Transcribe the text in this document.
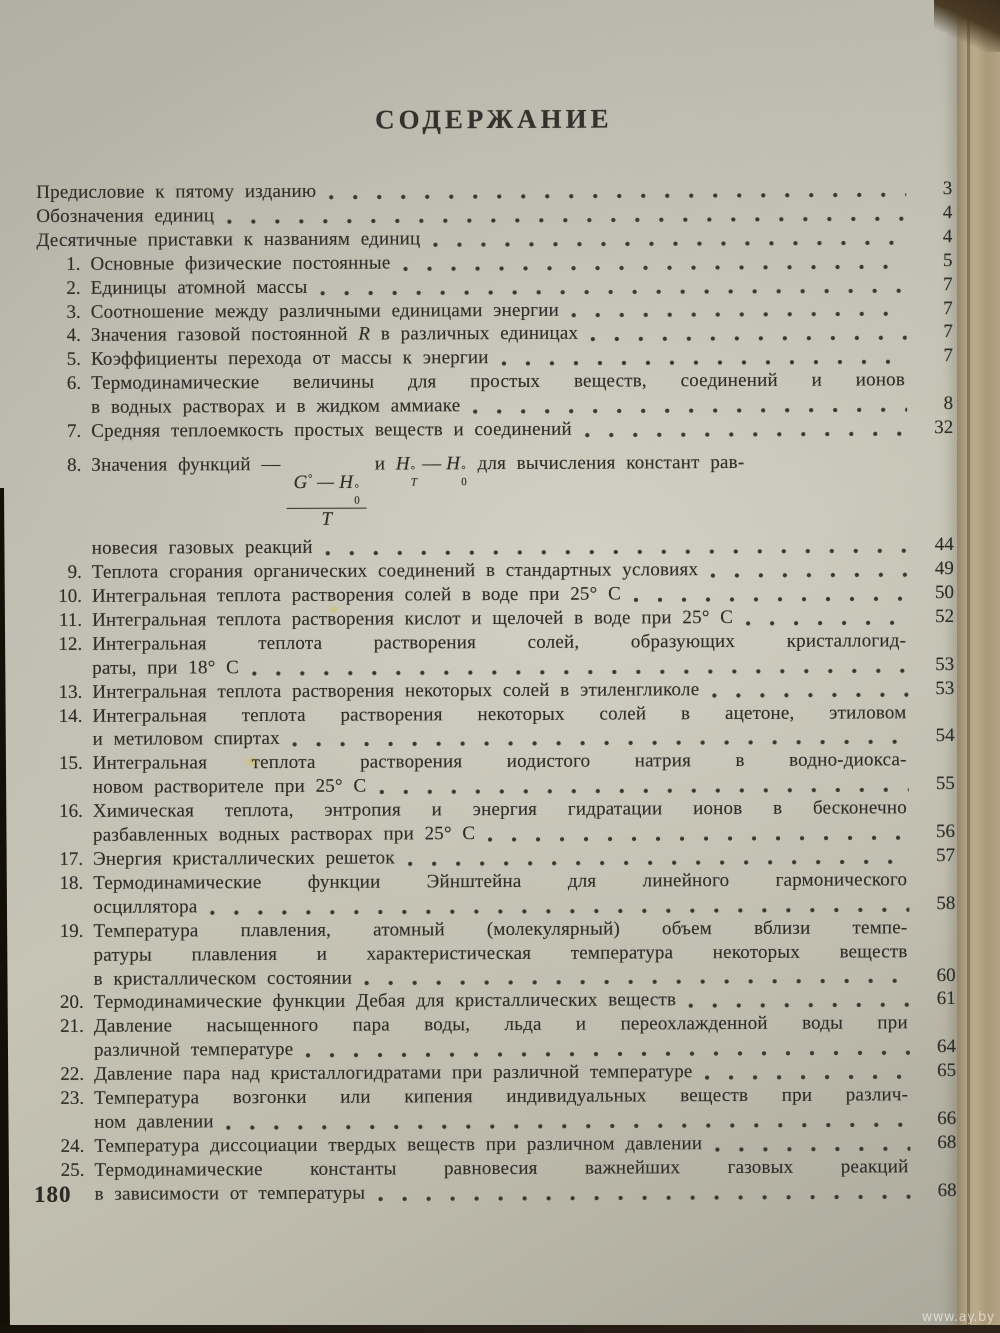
СОДЕРЖАНИЕ
Предисловие к пятому изданию	3
Обозначения единиц	4
Десятичные приставки к названиям единиц	4
1. Основные физические постоянные	5
2. Единицы атомной массы	7
3. Соотношение между различными единицами энергии	7
4. Значения газовой постоянной R в различных единицах	7
5. Коэффициенты перехода от массы к энергии	7
6. Термодинамические величины для простых веществ, соединений и ионов
в водных растворах и в жидком аммиаке	8
7. Средняя теплоемкость простых веществ и соединений	32
8. Значения функций —
G° — H °
0
T
и H °
T
— H °
0
для вычисления констант рав-
новесия газовых реакций	44
9. Теплота сгорания органических соединений в стандартных условиях	49
10. Интегральная теплота растворения солей в воде при 25° С	50
11. Интегральная теплота растворения кислот и щелочей в воде при 25° С	52
12. Интегральная теплота растворения солей, образующих кристаллогид-
раты, при 18° С	53
13. Интегральная теплота растворения некоторых солей в этиленгликоле	53
14. Интегральная теплота растворения некоторых солей в ацетоне, этиловом
и метиловом спиртах	54
15. Интегральная теплота растворения иодистого натрия в водно-диокса-
новом растворителе при 25° С	55
16. Химическая теплота, энтропия и энергия гидратации ионов в бесконечно
разбавленных водных растворах при 25° С	56
17. Энергия кристаллических решеток	57
18. Термодинамические функции Эйнштейна для линейного гармонического
осциллятора	58
19. Температура плавления, атомный (молекулярный) объем вблизи темпе-
ратуры плавления и характеристическая температура некоторых веществ
в кристаллическом состоянии	60
20. Термодинамические функции Дебая для кристаллических веществ	61
21. Давление насыщенного пара воды, льда и переохлажденной воды при
различной температуре	64
22. Давление пара над кристаллогидратами при различной температуре	65
23. Температура возгонки или кипения индивидуальных веществ при различ-
ном давлении	66
24. Температура диссоциации твердых веществ при различном давлении	68
25. Термодинамические константы равновесия важнейших газовых реакций
в зависимости от температуры	68
180
www.ay.by
